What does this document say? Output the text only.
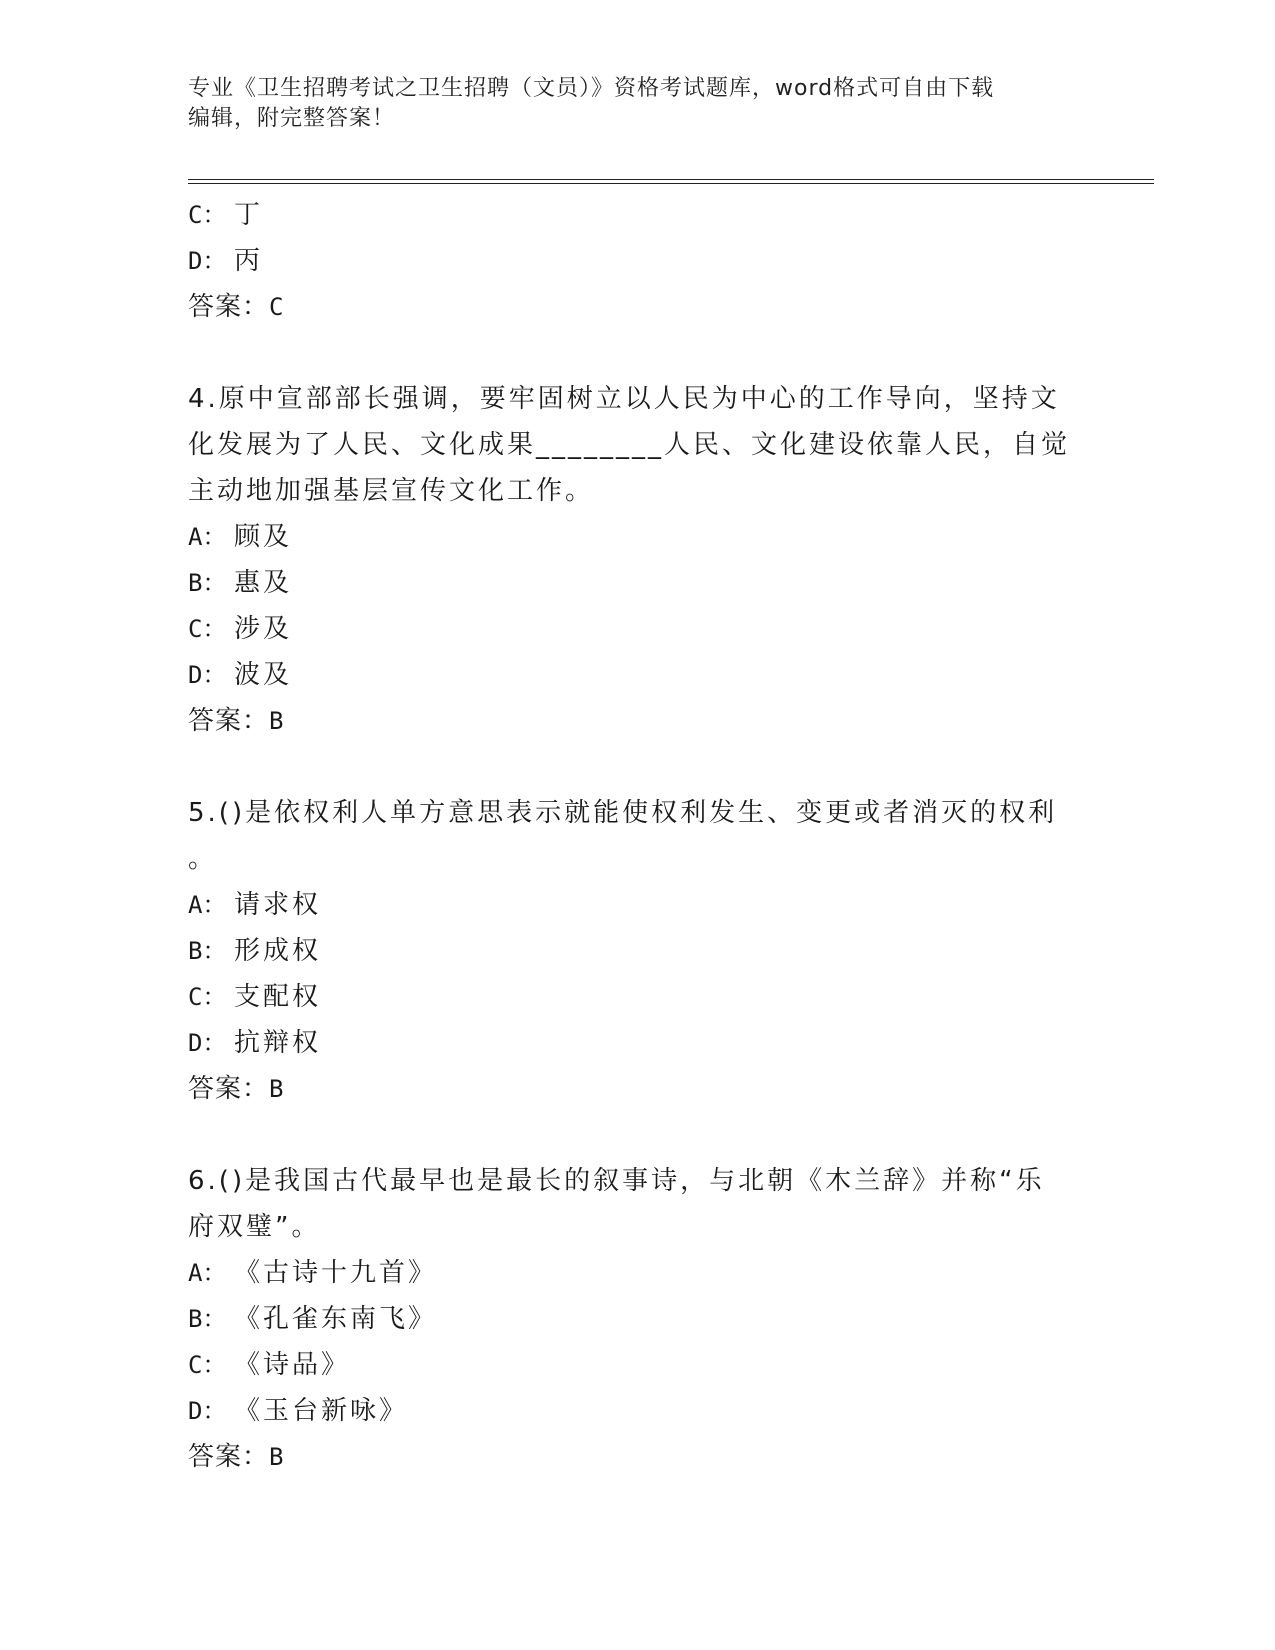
专业《卫生招聘考试之卫生招聘（文员）》资格考试题库，word格式可自由下载
编辑，附完整答案！
C： 丁
D： 丙
答案：C
4.原中宣部部长强调，要牢固树立以人民为中心的工作导向，坚持文
化发展为了人民、文化成果________人民、文化建设依靠人民，自觉
主动地加强基层宣传文化工作。
A： 顾及
B： 惠及
C： 涉及
D： 波及
答案：B
5.()是依权利人单方意思表示就能使权利发生、变更或者消灭的权利
。
A： 请求权
B： 形成权
C： 支配权
D： 抗辩权
答案：B
6.()是我国古代最早也是最长的叙事诗，与北朝《木兰辞》并称“乐
府双璧”。
A： 《古诗十九首》
B： 《孔雀东南飞》
C： 《诗品》
D： 《玉台新咏》
答案：B
